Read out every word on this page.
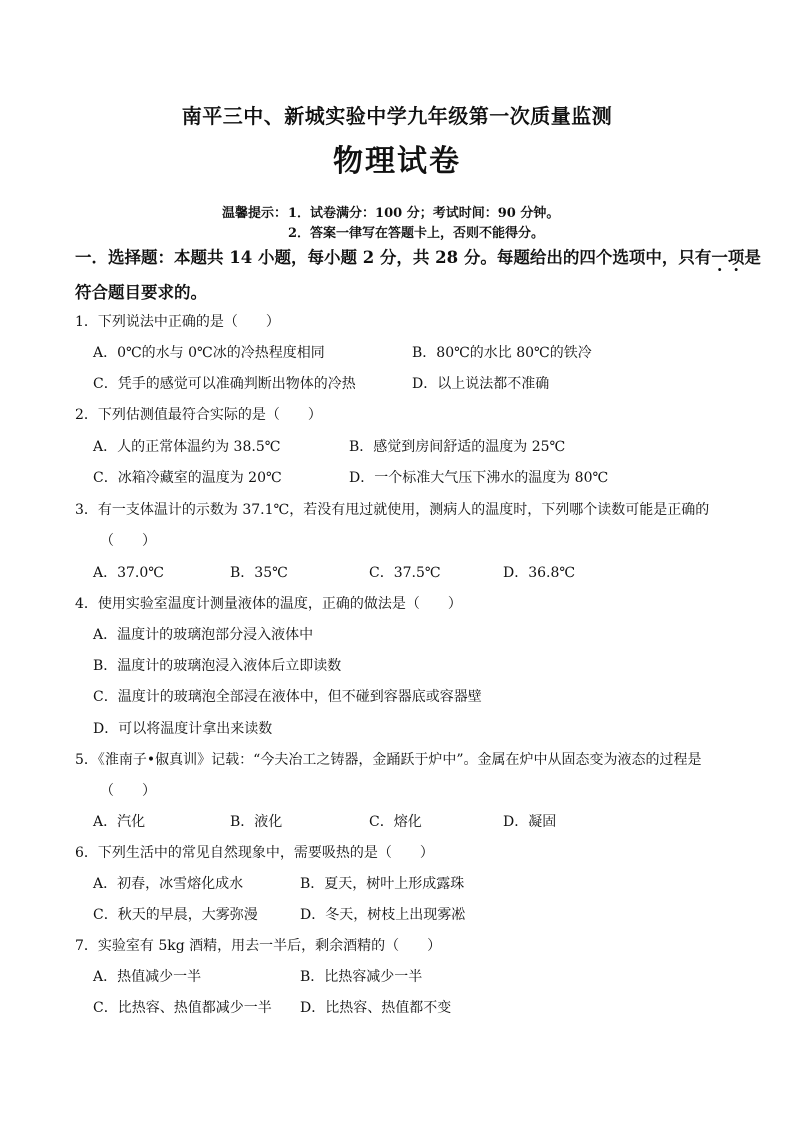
南平三中、新城实验中学九年级第一次质量监测
物理试卷
温馨提示： 1．试卷满分：100 分；考试时间：90 分钟。
2．答案一律写在答题卡上，否则不能得分。
一．选择题：本题共 14 小题，每小题 2 分，共 28 分。每题给出的四个选项中，只有一项是
符合题目要求的。
1．下列说法中正确的是（　　）
A．0℃的水与 0℃冰的冷热程度相同	B．80℃的水比 80℃的铁冷
C．凭手的感觉可以准确判断出物体的冷热	D．以上说法都不准确
2．下列估测值最符合实际的是（　　）
A．人的正常体温约为 38.5℃	B．感觉到房间舒适的温度为 25℃
C．冰箱冷藏室的温度为 20℃	D．一个标准大气压下沸水的温度为 80℃
3．有一支体温计的示数为 37.1℃，若没有甩过就使用，测病人的温度时，下列哪个读数可能是正确的
（　　）
A．37.0℃	B．35℃	C．37.5℃	D．36.8℃
4．使用实验室温度计测量液体的温度，正确的做法是（　　）
A．温度计的玻璃泡部分浸入液体中
B．温度计的玻璃泡浸入液体后立即读数
C．温度计的玻璃泡全部浸在液体中，但不碰到容器底或容器壁
D．可以将温度计拿出来读数
5．《淮南子•俶真训》记载：“今夫冶工之铸器，金踊跃于炉中”。金属在炉中从固态变为液态的过程是
（　　）
A．汽化	B．液化	C．熔化	D．凝固
6．下列生活中的常见自然现象中，需要吸热的是（　　）
A．初春，冰雪熔化成水	B．夏天，树叶上形成露珠
C．秋天的早晨，大雾弥漫	D．冬天，树枝上出现雾凇
7．实验室有 5kg 酒精，用去一半后，剩余酒精的（　　）
A．热值减少一半	B．比热容减少一半
C．比热容、热值都减少一半 D．比热容、热值都不变
